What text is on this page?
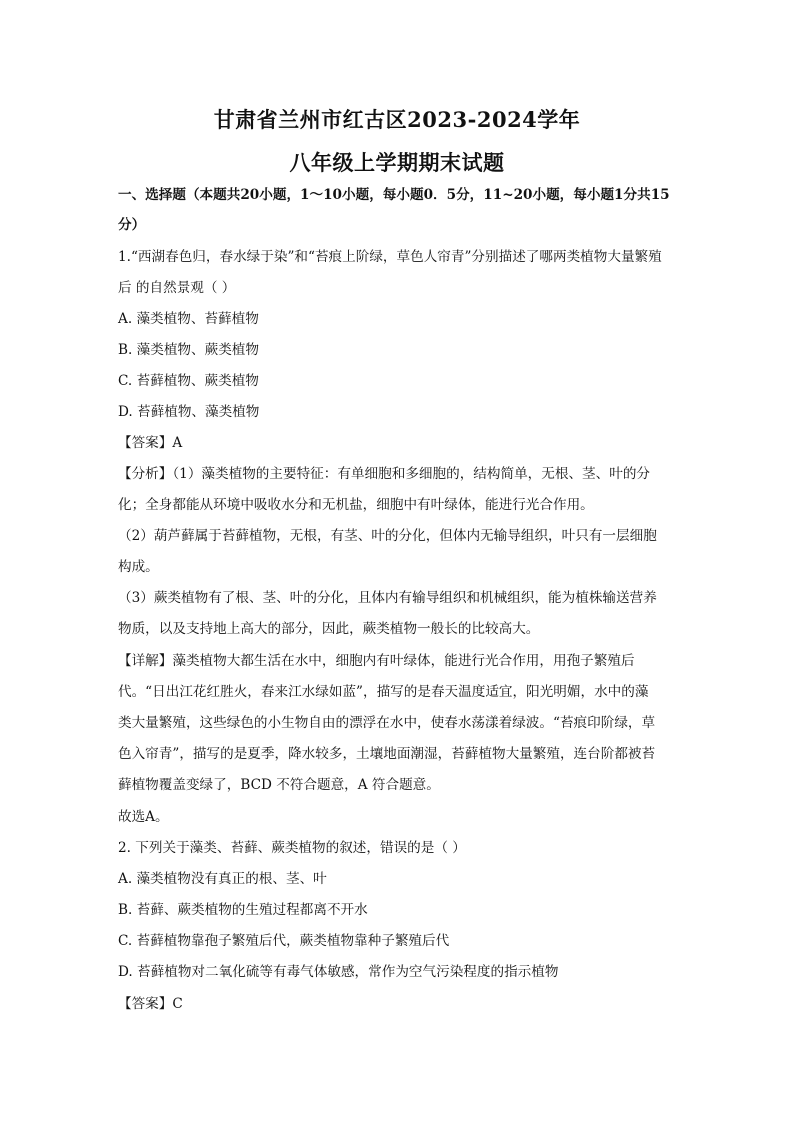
甘肃省兰州市红古区2023-2024学年
八年级上学期期末试题
一、选择题（本题共20小题，1～10小题，每小题0．5分，11~20小题，每小题1分共15
分）
1.“西湖春色归，春水绿于染”和“苔痕上阶绿，草色人帘青”分别描述了哪两类植物大量繁殖
后 的自然景观（ ）
A. 藻类植物、苔藓植物
B. 藻类植物、蕨类植物
C. 苔藓植物、蕨类植物
D. 苔藓植物、藻类植物
【答案】A
【分析】（1）藻类植物的主要特征：有单细胞和多细胞的，结构简单，无根、茎、叶的分
化；全身都能从环境中吸收水分和无机盐，细胞中有叶绿体，能进行光合作用。
（2）葫芦藓属于苔藓植物，无根，有茎、叶的分化，但体内无输导组织，叶只有一层细胞
构成。
（3）蕨类植物有了根、茎、叶的分化，且体内有输导组织和机械组织，能为植株输送营养
物质，以及支持地上高大的部分，因此，蕨类植物一般长的比较高大。
【详解】藻类植物大都生活在水中，细胞内有叶绿体，能进行光合作用，用孢子繁殖后
代。“日出江花红胜火，春来江水绿如蓝”，描写的是春天温度适宜，阳光明媚，水中的藻
类大量繁殖，这些绿色的小生物自由的漂浮在水中，使春水荡漾着绿波。“苔痕印阶绿，草
色入帘青”，描写的是夏季，降水较多，土壤地面潮湿，苔藓植物大量繁殖，连台阶都被苔
藓植物覆盖变绿了，BCD 不符合题意，A 符合题意。
故选A。
2. 下列关于藻类、苔藓、蕨类植物的叙述，错误的是（ ）
A. 藻类植物没有真正的根、茎、叶
B. 苔藓、蕨类植物的生殖过程都离不开水
C. 苔藓植物靠孢子繁殖后代，蕨类植物靠种子繁殖后代
D. 苔藓植物对二氧化硫等有毒气体敏感，常作为空气污染程度的指示植物
【答案】C
